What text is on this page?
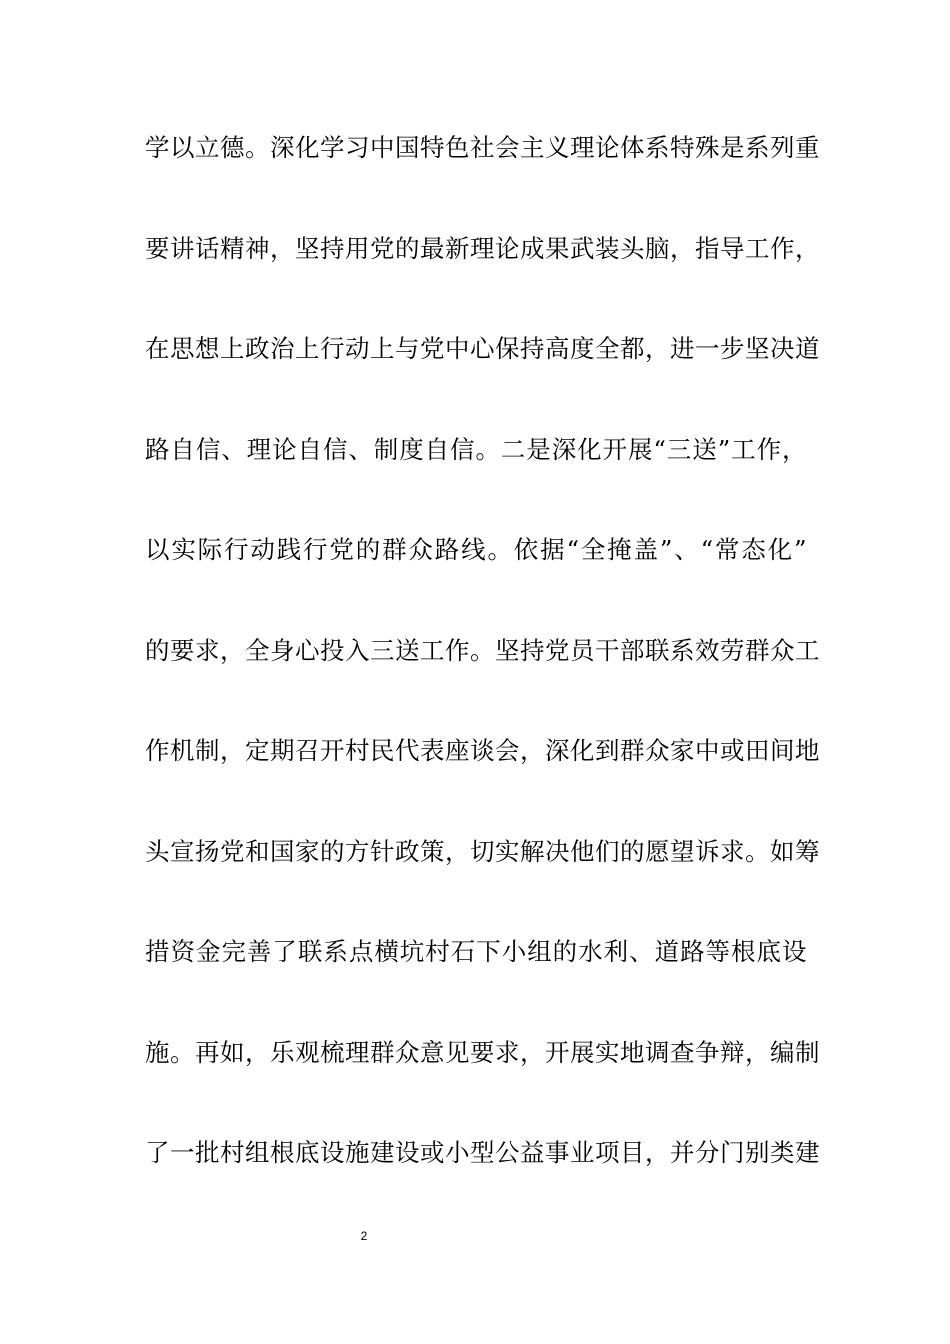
学以立德。深化学习中国特色社会主义理论体系特殊是系列重
要讲话精神，坚持用党的最新理论成果武装头脑，指导工作，
在思想上政治上行动上与党中心保持高度全都，进一步坚决道
路自信、理论自信、制度自信。二是深化开展“三送”工作，
以实际行动践行党的群众路线。依据“全掩盖”、“常态化”
的要求，全身心投入三送工作。坚持党员干部联系效劳群众工
作机制，定期召开村民代表座谈会，深化到群众家中或田间地
头宣扬党和国家的方针政策，切实解决他们的愿望诉求。如筹
措资金完善了联系点横坑村石下小组的水利、道路等根底设
施。再如，乐观梳理群众意见要求，开展实地调查争辩，编制
了一批村组根底设施建设或小型公益事业项目，并分门别类建
2
